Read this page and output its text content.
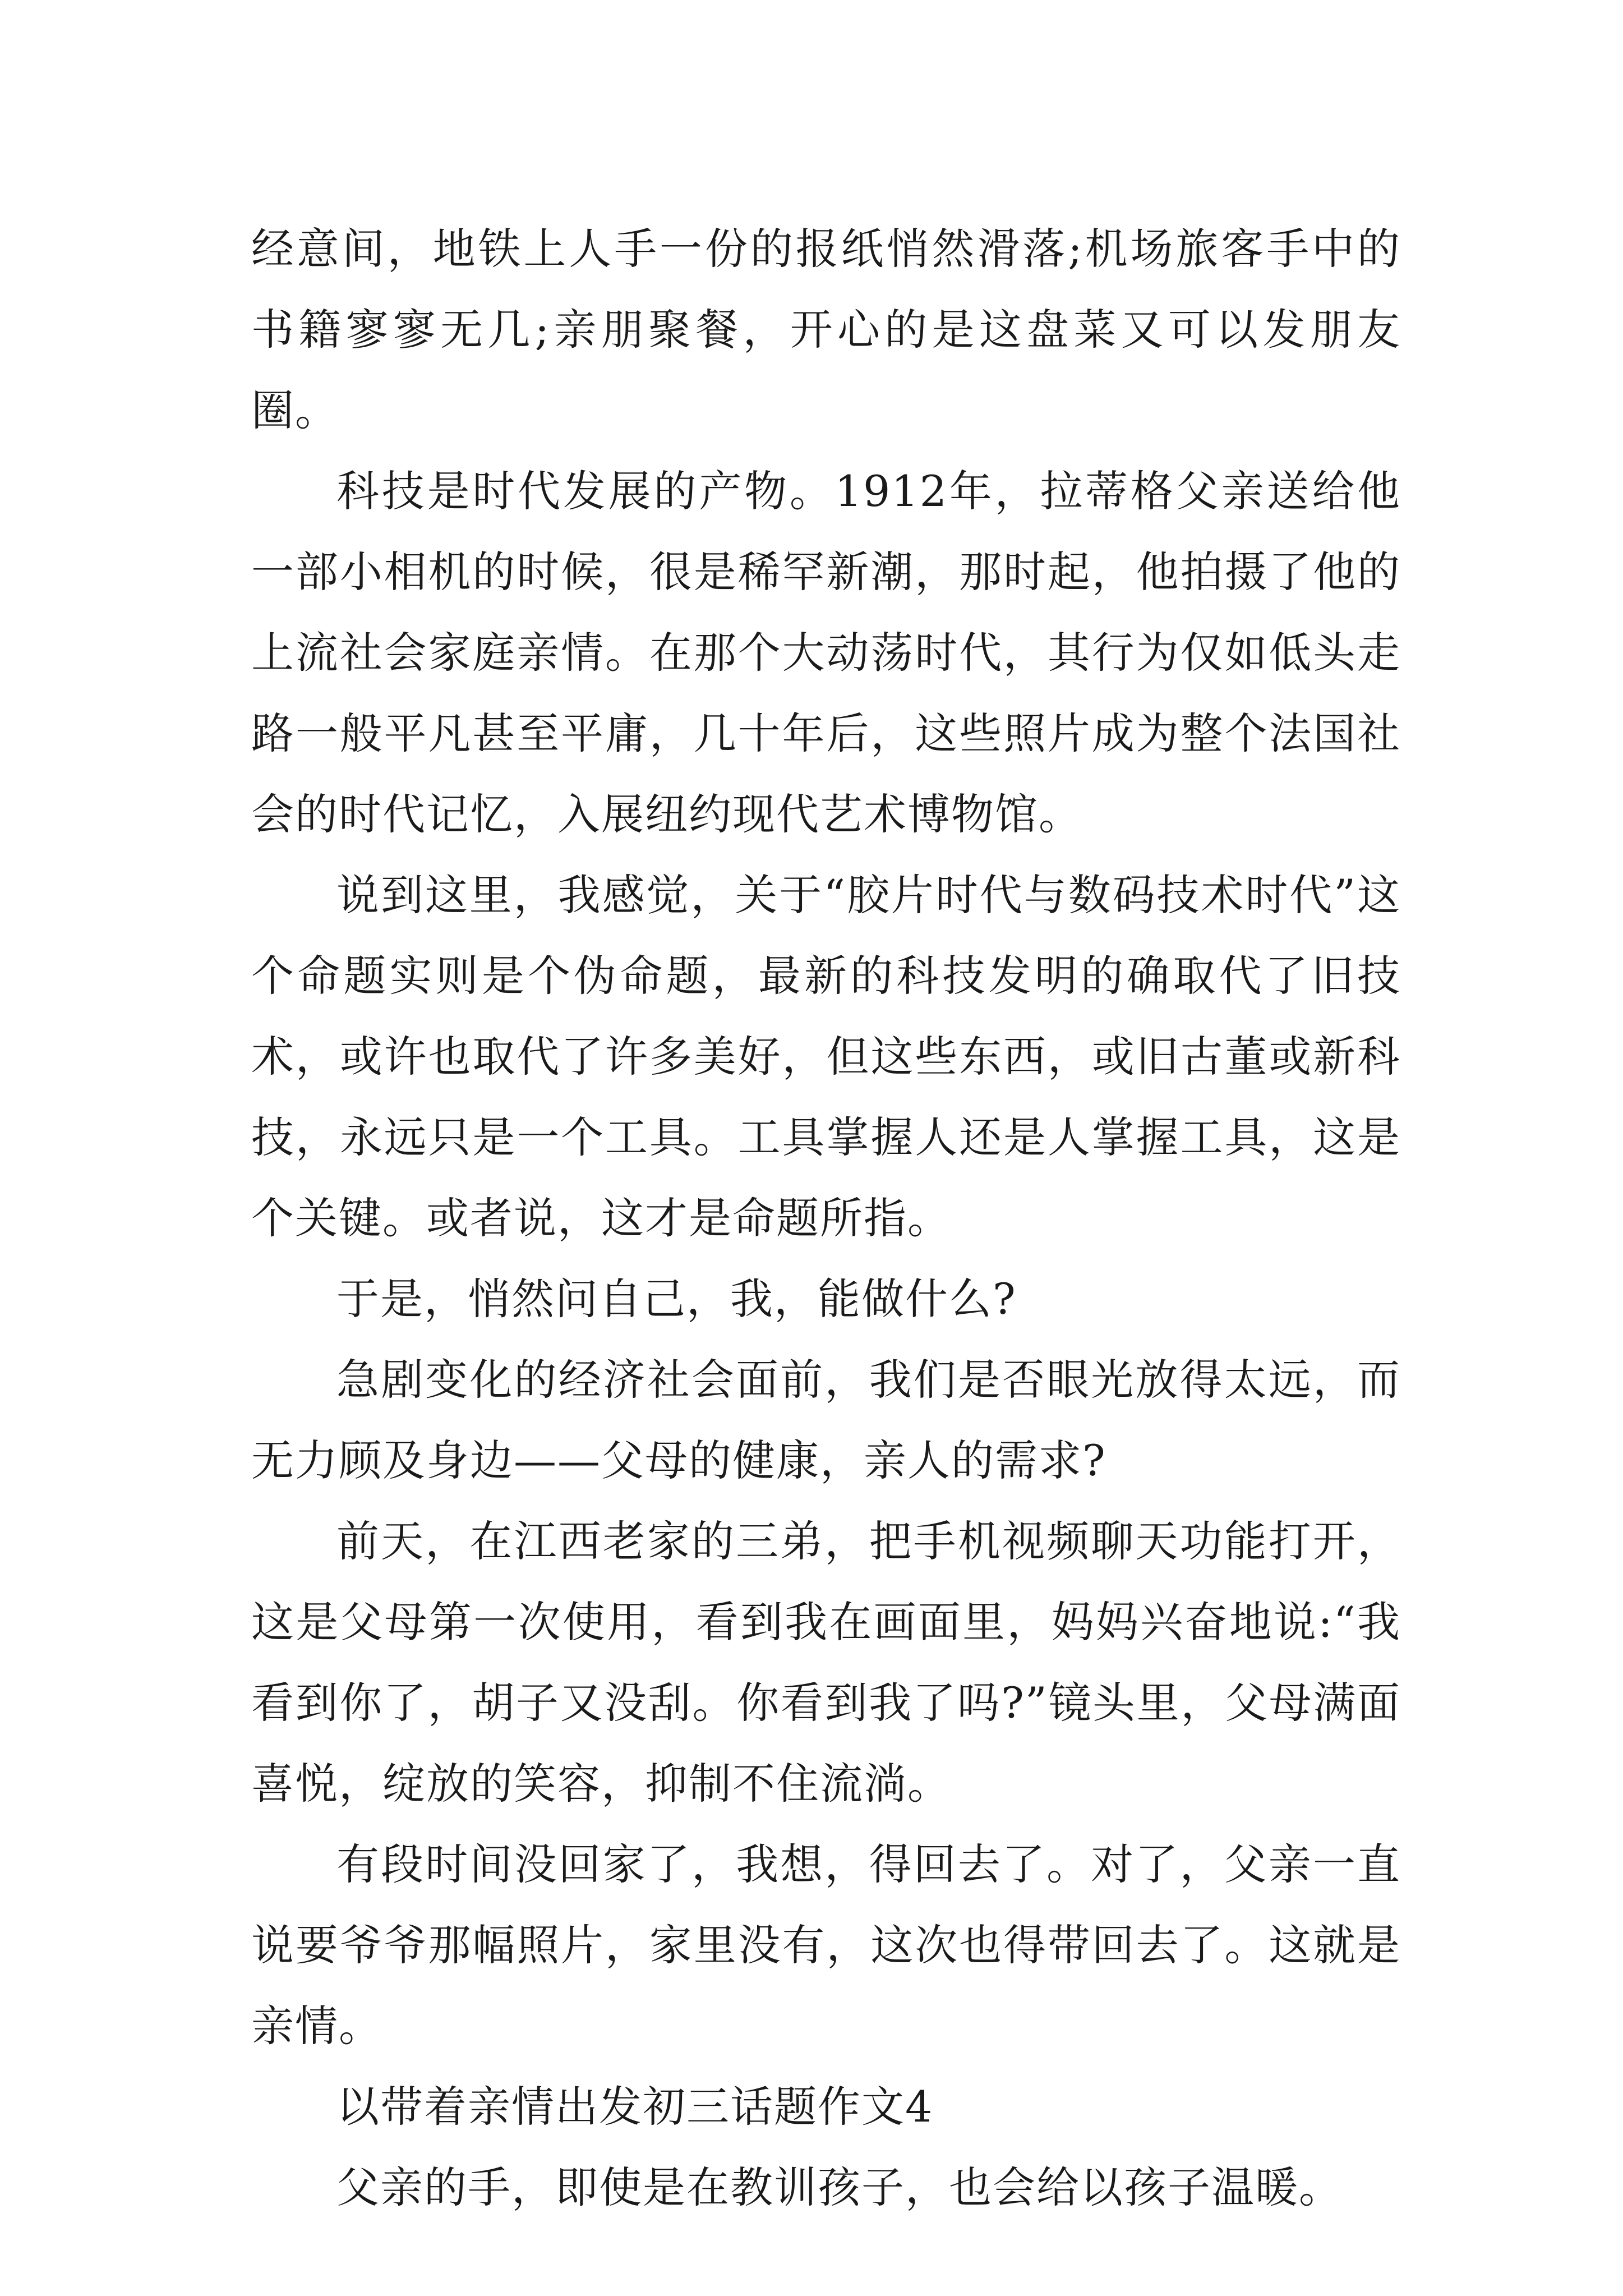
经意间，地铁上人手一份的报纸悄然滑落;机场旅客手中的书籍寥寥无几;亲朋聚餐，开心的是这盘菜又可以发朋友圈。

科技是时代发展的产物。1912年，拉蒂格父亲送给他一部小相机的时候，很是稀罕新潮，那时起，他拍摄了他的上流社会家庭亲情。在那个大动荡时代，其行为仅如低头走路一般平凡甚至平庸，几十年后，这些照片成为整个法国社会的时代记忆，入展纽约现代艺术博物馆。

说到这里，我感觉，关于“胶片时代与数码技术时代”这个命题实则是个伪命题，最新的科技发明的确取代了旧技术，或许也取代了许多美好，但这些东西，或旧古董或新科技，永远只是一个工具。工具掌握人还是人掌握工具，这是个关键。或者说，这才是命题所指。

于是，悄然问自己，我，能做什么?

急剧变化的经济社会面前，我们是否眼光放得太远，而无力顾及身边——父母的健康，亲人的需求?

前天，在江西老家的三弟，把手机视频聊天功能打开，这是父母第一次使用，看到我在画面里，妈妈兴奋地说:“我看到你了，胡子又没刮。你看到我了吗?”镜头里，父母满面喜悦，绽放的笑容，抑制不住流淌。

有段时间没回家了，我想，得回去了。对了，父亲一直说要爷爷那幅照片，家里没有，这次也得带回去了。这就是亲情。

以带着亲情出发初三话题作文4

父亲的手，即使是在教训孩子，也会给以孩子温暖。
